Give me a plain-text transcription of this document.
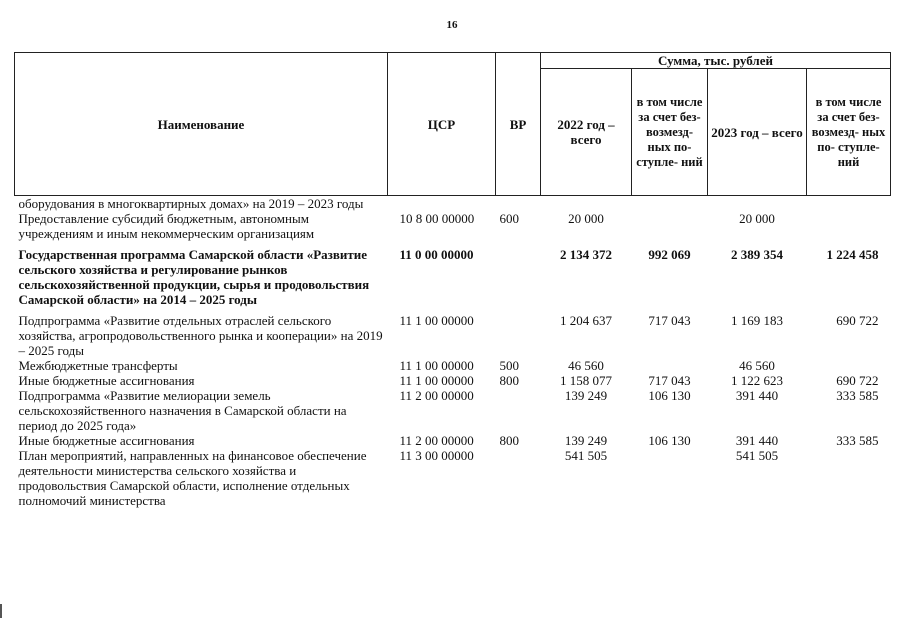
16
Наименование	ЦСР	ВР	Сумма, тыс. рублей			
			2022 год – всего	в том числе за счет без- возмезд- ных по- ступле- ний	2023 год – всего	в том числе за счет без- возмезд- ных по- ступле- ний
оборудования в многоквартирных домах» на 2019 – 2023 годы						
Предоставление субсидий бюджетным, автономным учреждениям и иным некоммерческим организациям	10 8 00 00000	600	20 000		20 000	
Государственная программа Самарской области «Развитие сельского хозяйства и регулирование рынков сельскохозяйственной продукции, сырья и продовольствия Самарской области» на 2014 – 2025 годы	11 0 00 00000		2 134 372	992 069	2 389 354	1 224 458
Подпрограмма «Развитие отдельных отраслей сельского хозяйства, агропродовольственного рынка и кооперации» на 2019 – 2025 годы	11 1 00 00000		1 204 637	717 043	1 169 183	690 722
Межбюджетные трансферты	11 1 00 00000	500	46 560		46 560	
Иные бюджетные ассигнования	11 1 00 00000	800	1 158 077	717 043	1 122 623	690 722
Подпрограмма «Развитие мелиорации земель сельскохозяйственного назначения в Самарской области на период до 2025 года»	11 2 00 00000		139 249	106 130	391 440	333 585
Иные бюджетные ассигнования	11 2 00 00000	800	139 249	106 130	391 440	333 585
План мероприятий, направленных на финансовое обеспечение деятельности министерства сельского хозяйства и продовольствия Самарской области, исполнение отдельных полномочий министерства	11 3 00 00000		541 505		541 505	
